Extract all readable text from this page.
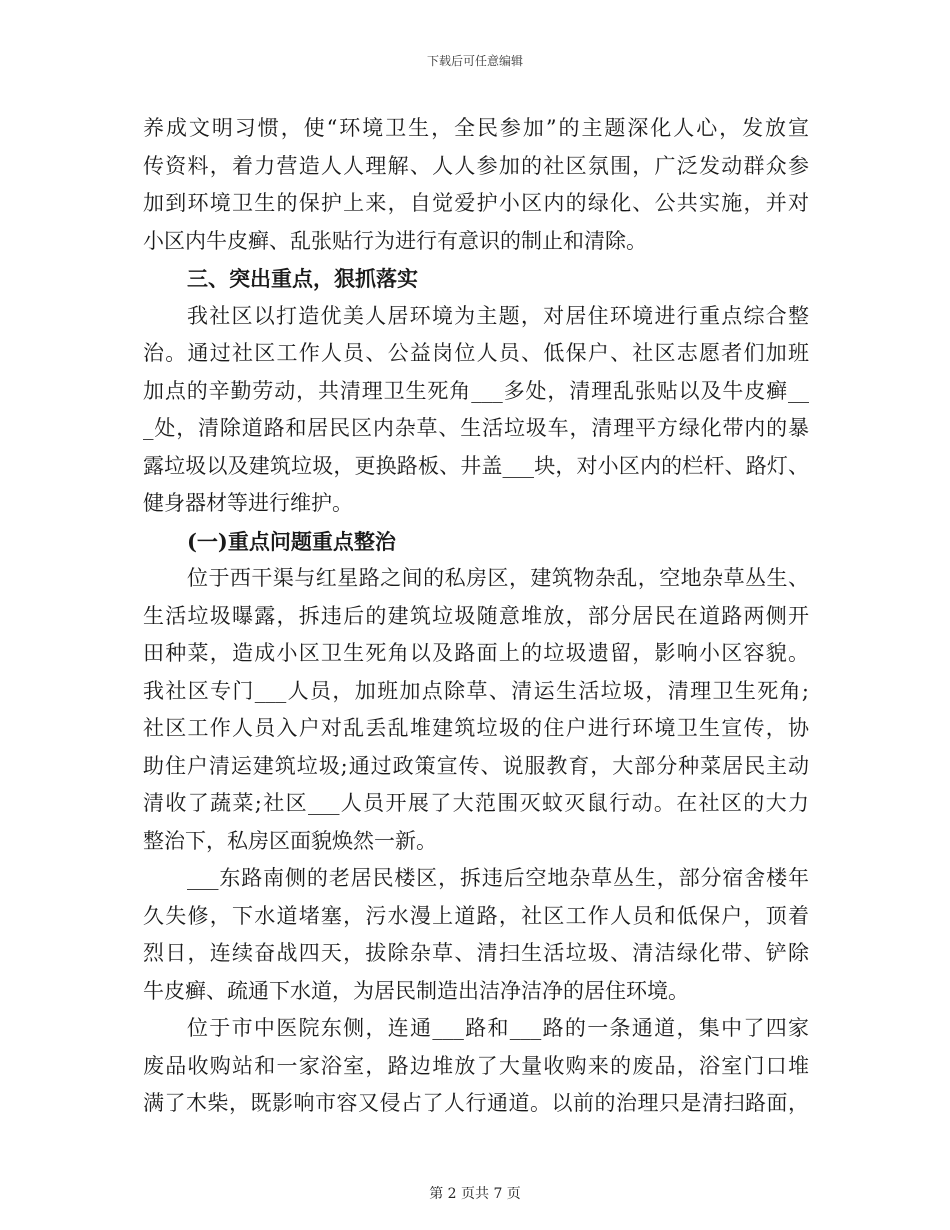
下载后可任意编辑
养成文明习惯，使“环境卫生，全民参加”的主题深化人心，发放宣
传资料，着力营造人人理解、人人参加的社区氛围，广泛发动群众参
加到环境卫生的保护上来，自觉爱护小区内的绿化、公共实施，并对
小区内牛皮癣、乱张贴行为进行有意识的制止和清除。
三、突出重点，狠抓落实
我社区以打造优美人居环境为主题，对居住环境进行重点综合整
治。通过社区工作人员、公益岗位人员、低保户、社区志愿者们加班
加点的辛勤劳动，共清理卫生死角___多处，清理乱张贴以及牛皮癣__
_处，清除道路和居民区内杂草、生活垃圾车，清理平方绿化带内的暴
露垃圾以及建筑垃圾，更换路板、井盖___块，对小区内的栏杆、路灯、
健身器材等进行维护。
(一)重点问题重点整治
位于西干渠与红星路之间的私房区，建筑物杂乱，空地杂草丛生、
生活垃圾曝露，拆违后的建筑垃圾随意堆放，部分居民在道路两侧开
田种菜，造成小区卫生死角以及路面上的垃圾遗留，影响小区容貌。
我社区专门___人员，加班加点除草、清运生活垃圾，清理卫生死角;
社区工作人员入户对乱丢乱堆建筑垃圾的住户进行环境卫生宣传，协
助住户清运建筑垃圾;通过政策宣传、说服教育，大部分种菜居民主动
清收了蔬菜;社区___人员开展了大范围灭蚊灭鼠行动。在社区的大力
整治下，私房区面貌焕然一新。
___东路南侧的老居民楼区，拆违后空地杂草丛生，部分宿舍楼年
久失修，下水道堵塞，污水漫上道路，社区工作人员和低保户，顶着
烈日，连续奋战四天，拔除杂草、清扫生活垃圾、清洁绿化带、铲除
牛皮癣、疏通下水道，为居民制造出洁净洁净的居住环境。
位于市中医院东侧，连通___路和___路的一条通道，集中了四家
废品收购站和一家浴室，路边堆放了大量收购来的废品，浴室门口堆
满了木柴，既影响市容又侵占了人行通道。以前的治理只是清扫路面，
第 2 页共 7 页
